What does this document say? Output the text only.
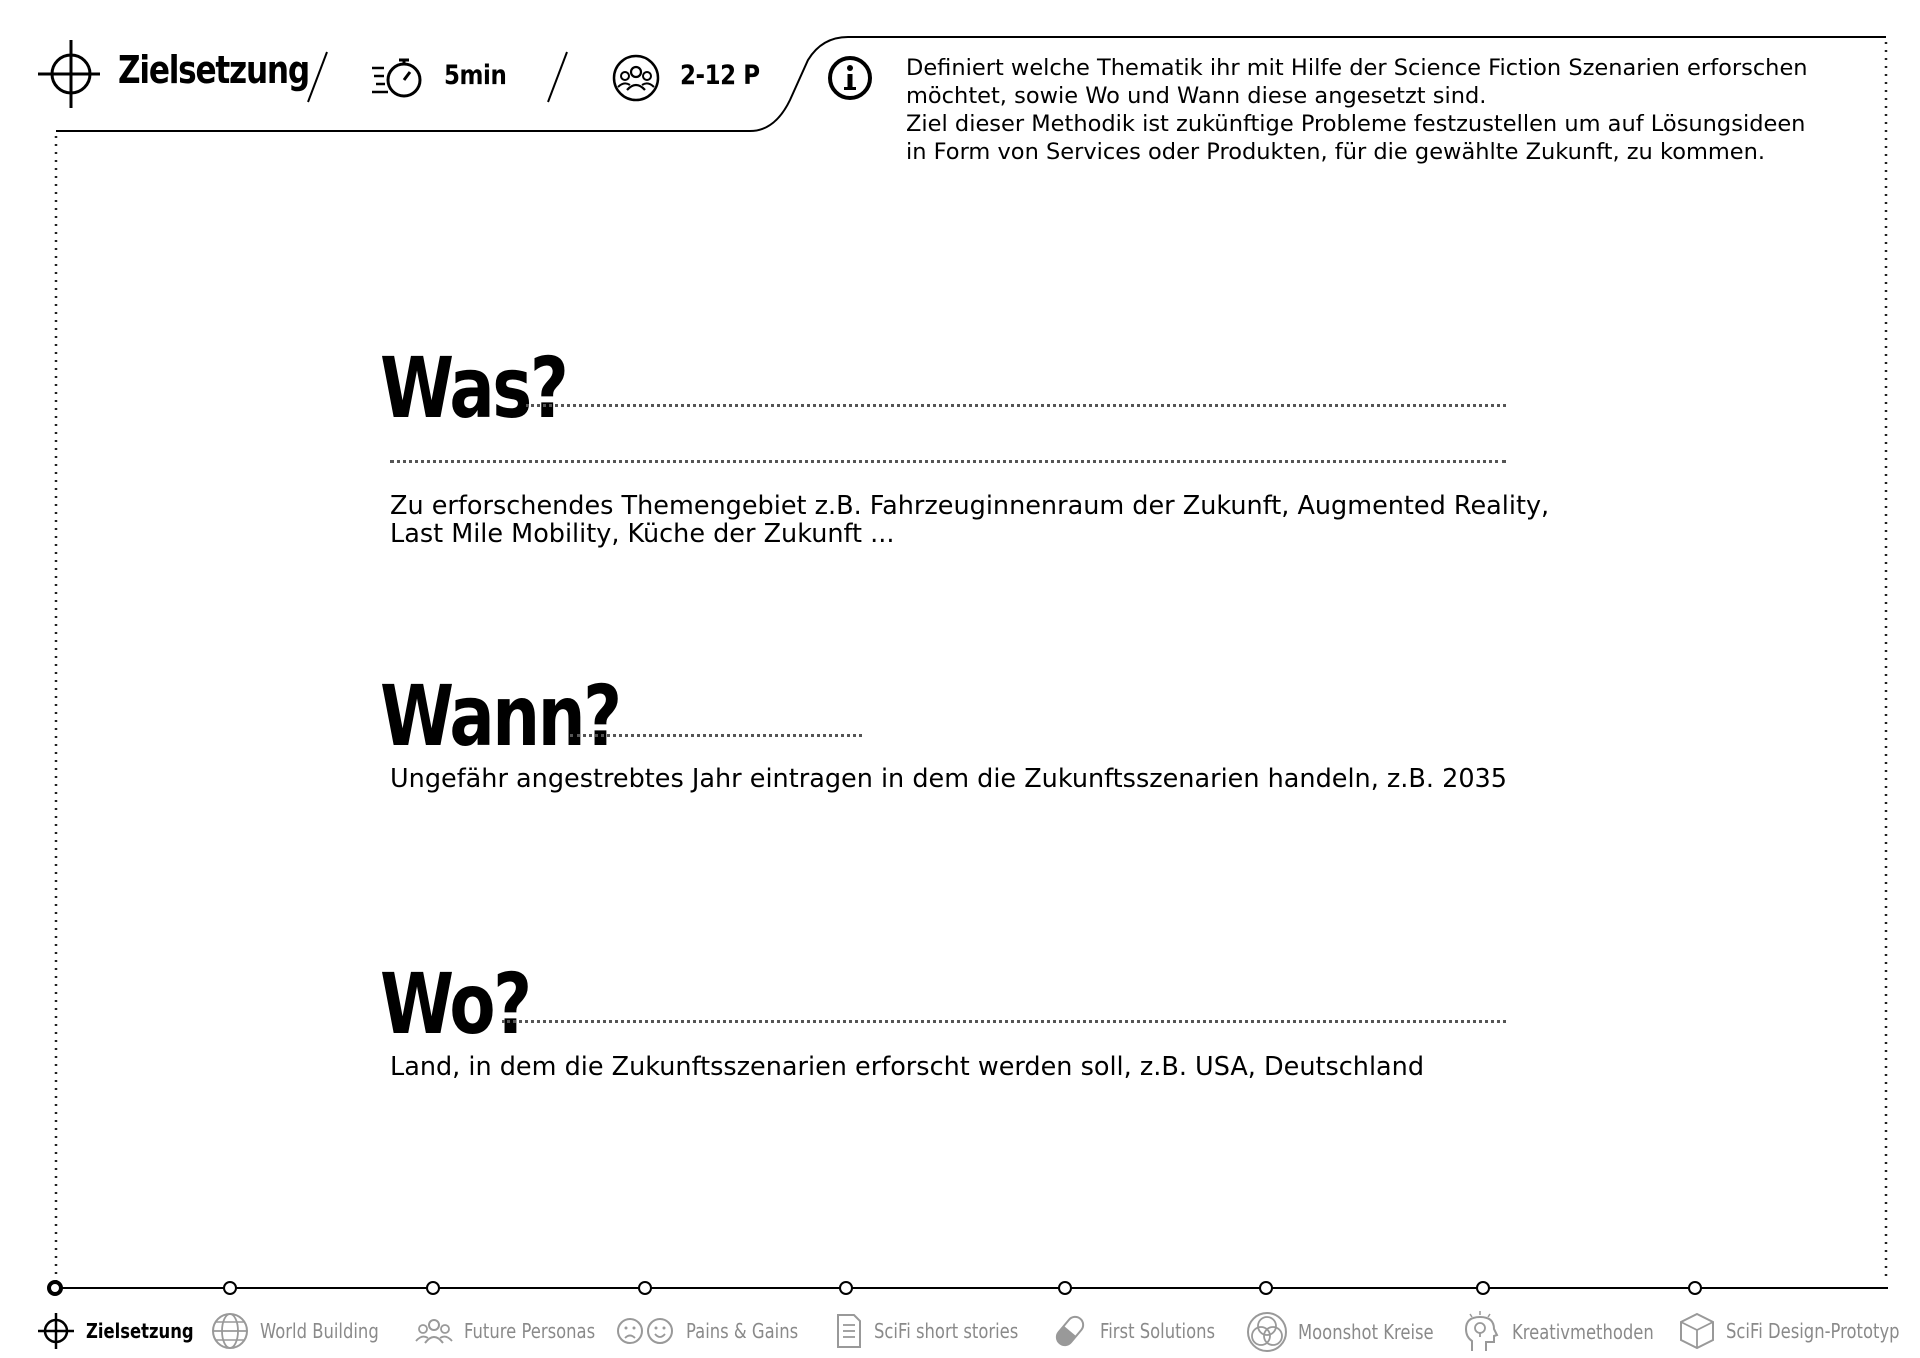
Zielsetzung	5min	2-12 P	Definiert welche Thematik ihr mit Hilfe der Science Fiction Szenarien erforschen
möchtet, sowie Wo und Wann diese angesetzt sind.
Ziel dieser Methodik ist zukünftige Probleme festzustellen um auf Lösungsideen
in Form von Services oder Produkten, für die gewählte Zukunft, zu kommen.
Was?
Zu erforschendes Themengebiet z.B. Fahrzeuginnenraum der Zukunft, Augmented Reality,
Last Mile Mobility, Küche der Zukunft ...
Wann?
Ungefähr angestrebtes Jahr eintragen in dem die Zukunftsszenarien handeln, z.B. 2035
Wo?
Land, in dem die Zukunftsszenarien erforscht werden soll, z.B. USA, Deutschland
Zielsetzung	World Building	Future Personas	Pains & Gains	SciFi short stories	First Solutions	Moonshot Kreise	Kreativmethoden	SciFi Design-Prototyp
